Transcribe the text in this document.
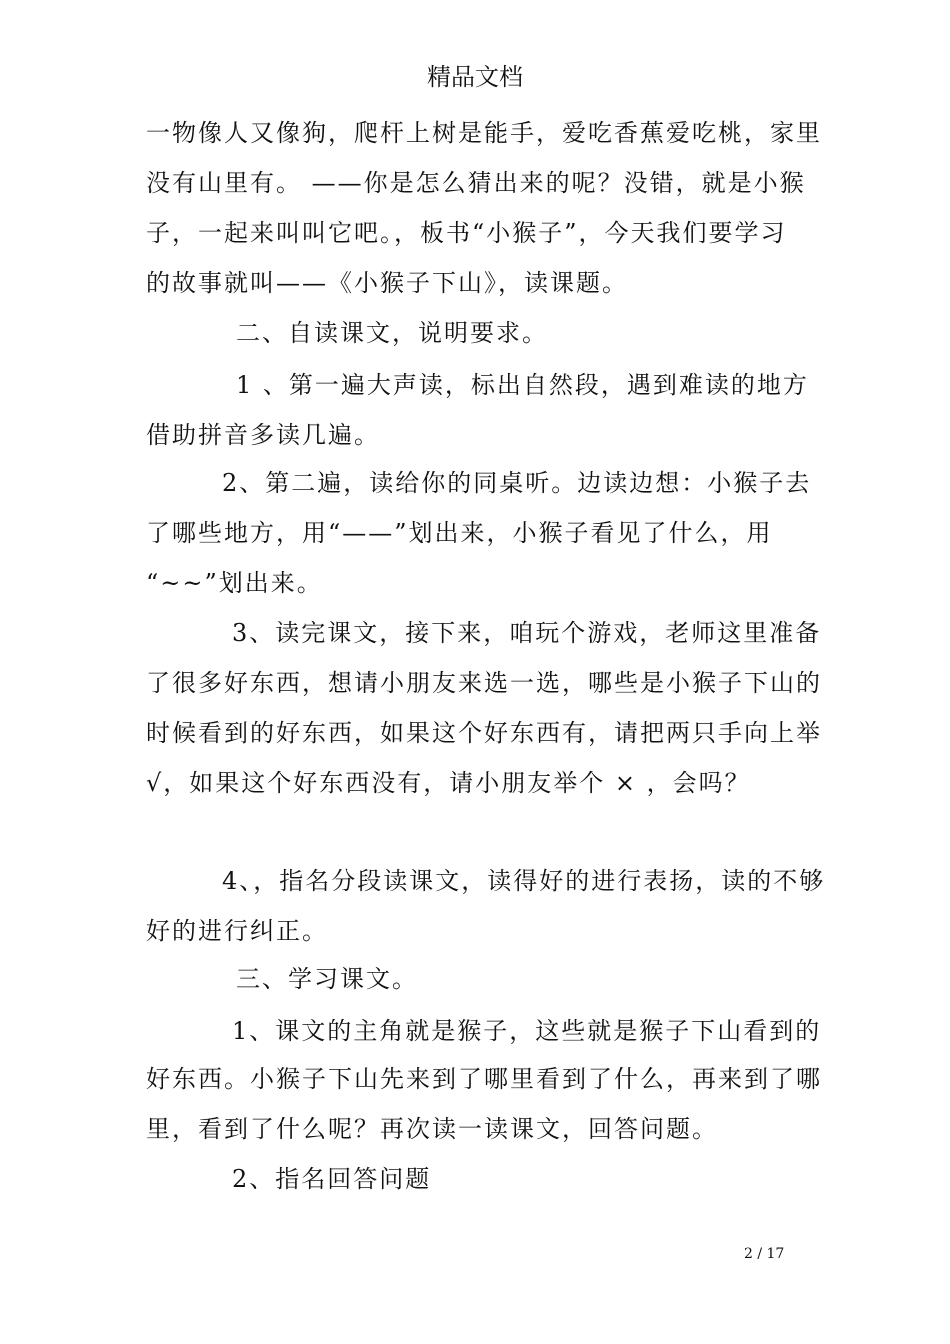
精品文档
一物像人又像狗，爬杆上树是能手，爱吃香蕉爱吃桃，家里
没有山里有。 ——你是怎么猜出来的呢？没错，就是小猴
子，一起来叫叫它吧。，板书“小猴子”，今天我们要学习
的故事就叫——《小猴子下山》，读课题。
二、自读课文，说明要求。
1 、第一遍大声读，标出自然段，遇到难读的地方
借助拼音多读几遍。
2、第二遍，读给你的同桌听。边读边想：小猴子去
了哪些地方，用“——”划出来，小猴子看见了什么，用
“~~”划出来。
3、读完课文，接下来，咱玩个游戏，老师这里准备
了很多好东西，想请小朋友来选一选，哪些是小猴子下山的
时候看到的好东西，如果这个好东西有，请把两只手向上举
√，如果这个好东西没有，请小朋友举个 × ，会吗？
4、，指名分段读课文，读得好的进行表扬，读的不够
好的进行纠正。
三、学习课文。
1、课文的主角就是猴子，这些就是猴子下山看到的
好东西。小猴子下山先来到了哪里看到了什么，再来到了哪
里，看到了什么呢？再次读一读课文，回答问题。
2、指名回答问题
2 / 17
